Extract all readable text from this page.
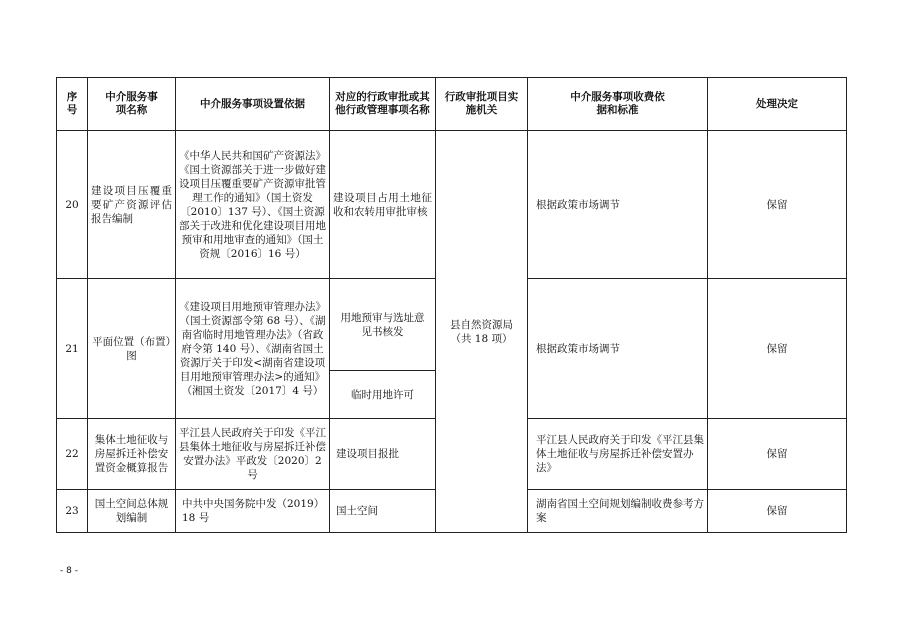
序号	中介服务事项名称	中介服务事项设置依据	对应的行政审批或其他行政管理事项名称	行政审批项目实施机关	中介服务事项收费依据和标准	处理决定
20	建设项目压覆重要矿产资源评估报告编制	《中华人民共和国矿产资源法》《国土资源部关于进一步做好建设项目压覆重要矿产资源审批管理工作的通知》（国土资发〔2010〕137 号）、《国土资源部关于改进和优化建设项目用地预审和用地审查的通知》（国土资规〔2016〕16 号）	建设项目占用土地征收和农转用审批审核	县自然资源局（共 18 项）	根据政策市场调节	保留
21	平面位置（布置）图	《建设项目用地预审管理办法》（国土资源部令第 68 号）、《湖南省临时用地管理办法》（省政府令第 140 号）、《湖南省国土资源厅关于印发<湖南省建设项目用地预审管理办法>的通知》（湘国土资发〔2017〕4 号）	用地预审与选址意见书核发		根据政策市场调节	保留
			临时用地许可			
22	集体土地征收与房屋拆迁补偿安置资金概算报告	平江县人民政府关于印发《平江县集体土地征收与房屋拆迁补偿安置办法》平政发〔2020〕2 号	建设项目报批		平江县人民政府关于印发《平江县集体土地征收与房屋拆迁补偿安置办法》	保留
23	国土空间总体规划编制	中共中央国务院中发（2019）18 号	国土空间		湖南省国土空间规划编制收费参考方案	保留
- 8 -
